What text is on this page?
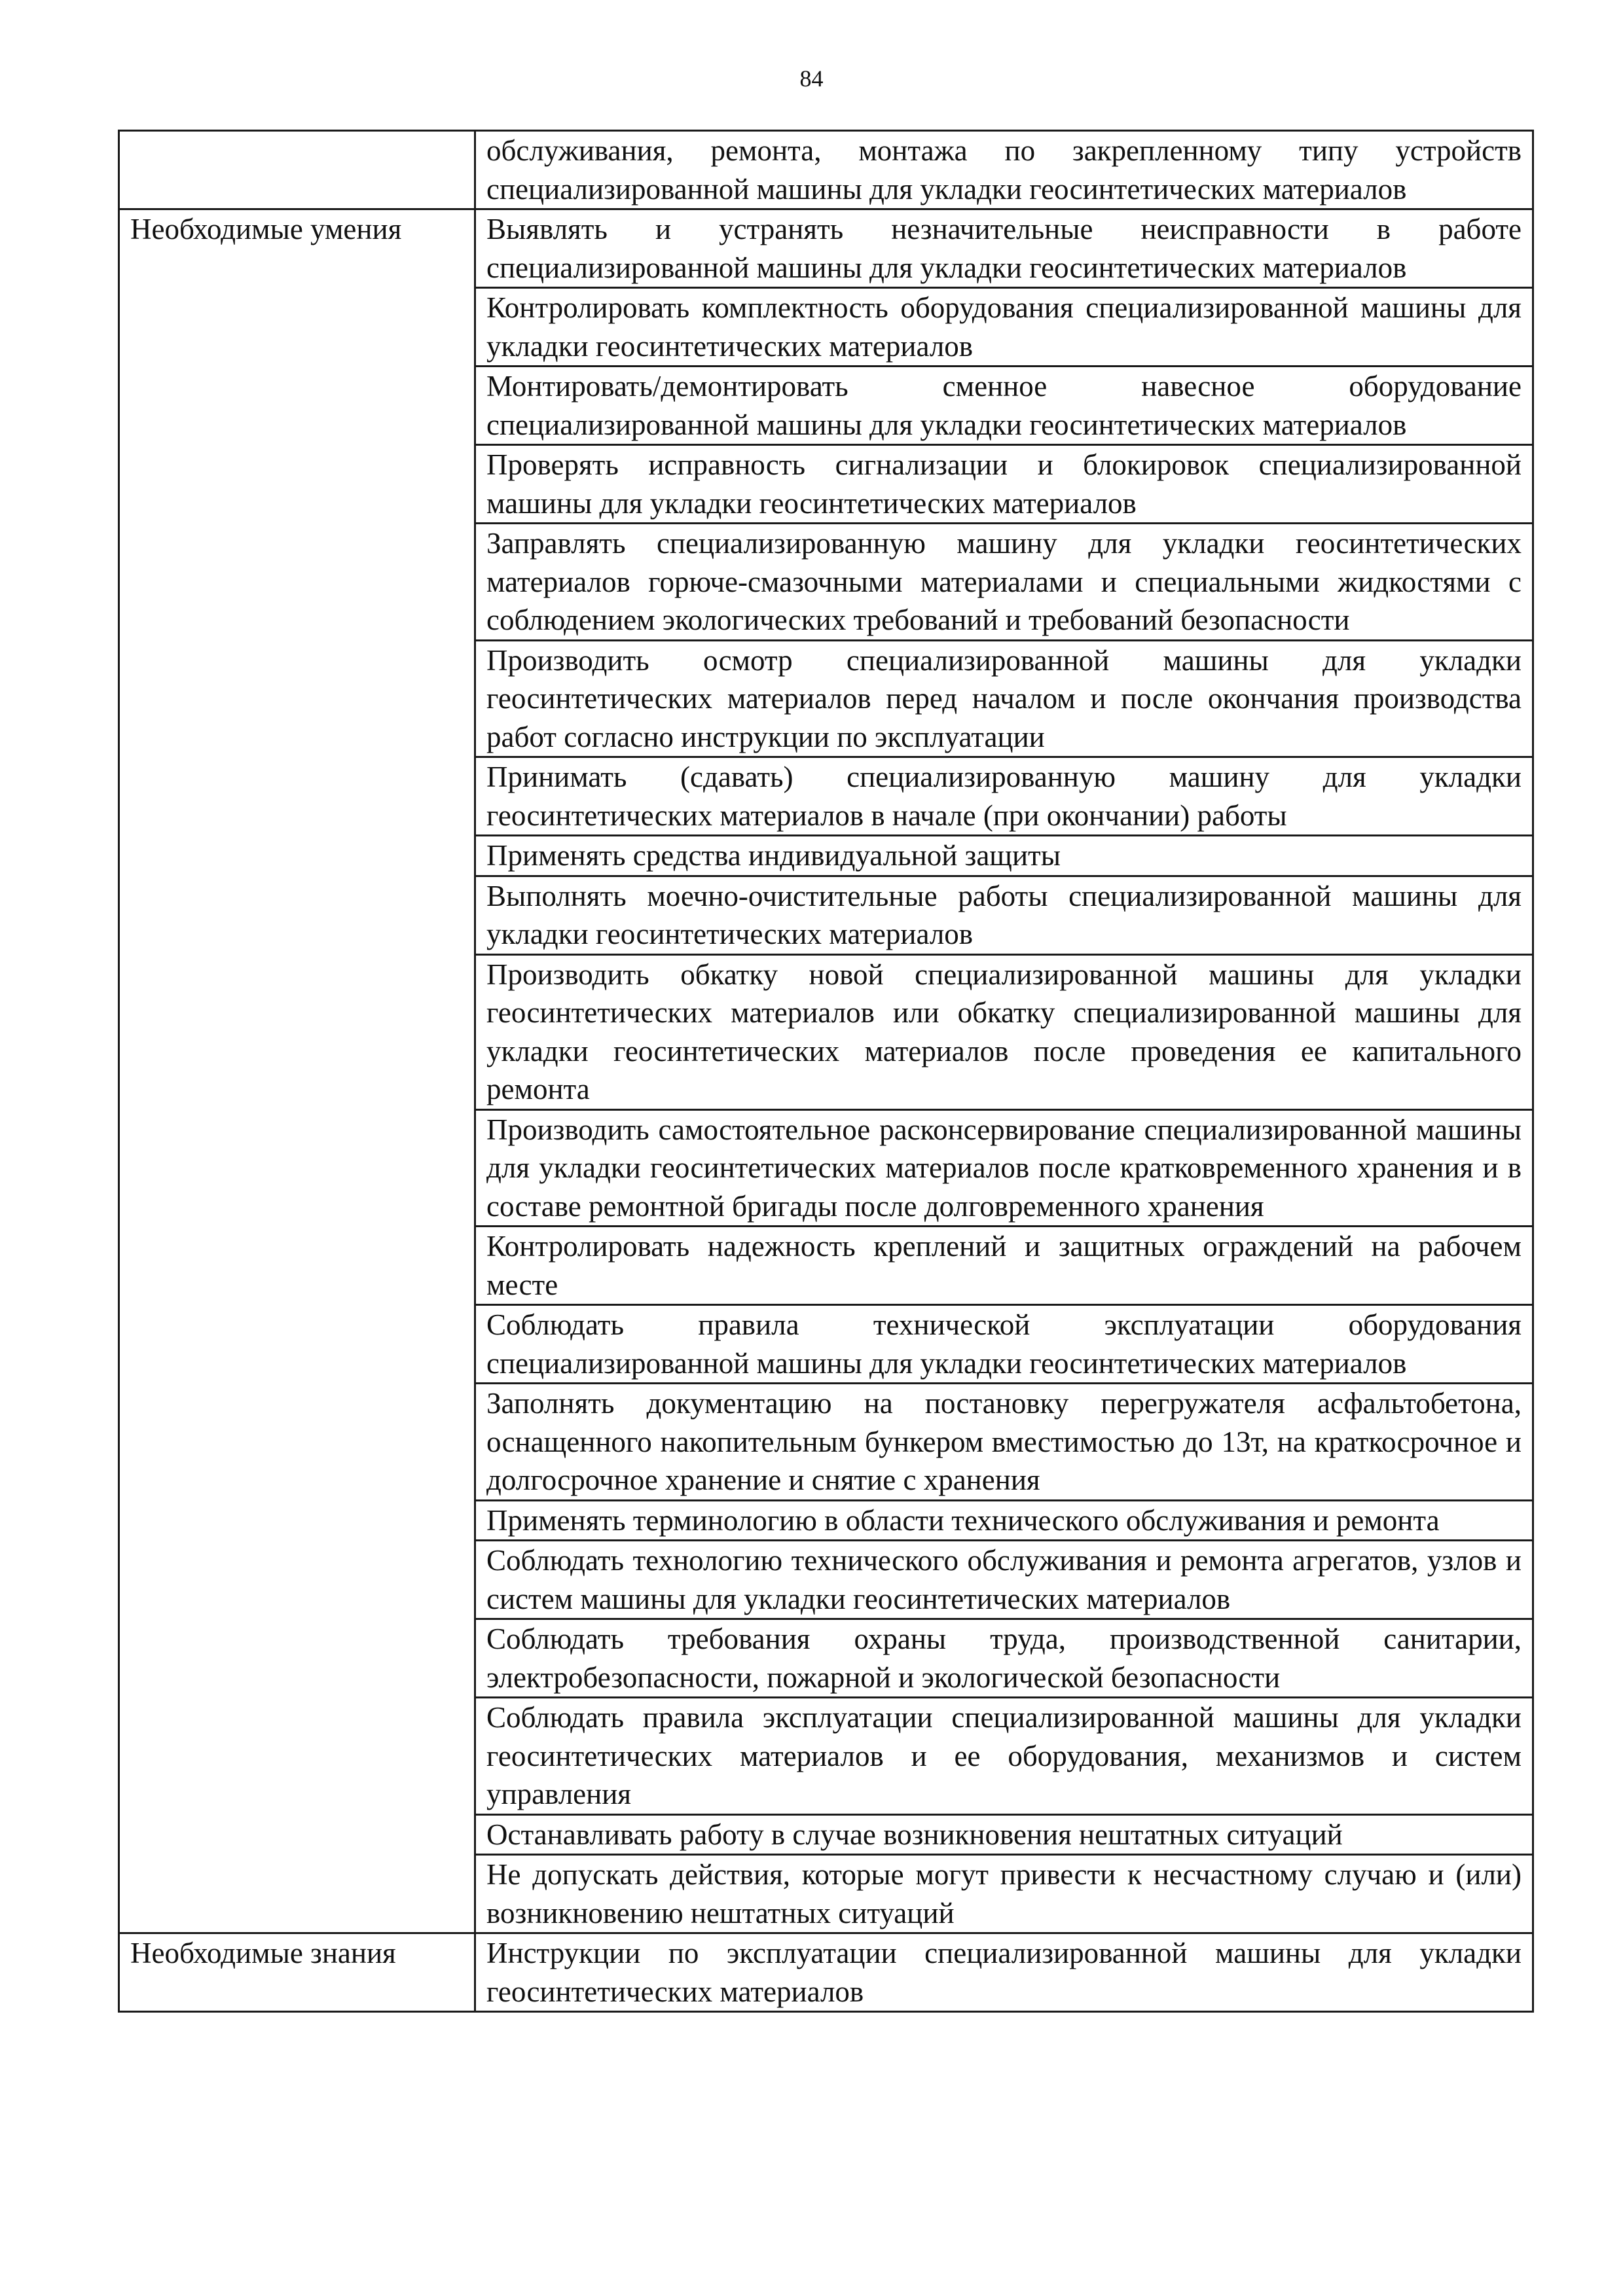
84
	обслуживания, ремонта, монтажа по закрепленному типу устройств специализированной машины для укладки геосинтетических материалов
Необходимые умения	Выявлять и устранять незначительные неисправности в работе специализированной машины для укладки геосинтетических материалов
	Контролировать комплектность оборудования специализированной машины для укладки геосинтетических материалов
	Монтировать/демонтировать сменное навесное оборудование специализированной машины для укладки геосинтетических материалов
	Проверять исправность сигнализации и блокировок специализированной машины для укладки геосинтетических материалов
	Заправлять специализированную машину для укладки геосинтетических материалов горюче-смазочными материалами и специальными жидкостями с соблюдением экологических требований и требований безопасности
	Производить осмотр специализированной машины для укладки геосинтетических материалов перед началом и после окончания производства работ согласно инструкции по эксплуатации
	Принимать (сдавать) специализированную машину для укладки геосинтетических материалов в начале (при окончании) работы
	Применять средства индивидуальной защиты
	Выполнять моечно-очистительные работы специализированной машины для укладки геосинтетических материалов
	Производить обкатку новой специализированной машины для укладки геосинтетических материалов или обкатку специализированной машины для укладки геосинтетических материалов после проведения ее капитального ремонта
	Производить самостоятельное расконсервирование специализированной машины для укладки геосинтетических материалов после кратковременного хранения и в составе ремонтной бригады после долговременного хранения
	Контролировать надежность креплений и защитных ограждений на рабочем месте
	Соблюдать правила технической эксплуатации оборудования специализированной машины для укладки геосинтетических материалов
	Заполнять документацию на постановку перегружателя асфальтобетона, оснащенного накопительным бункером вместимостью до 13т, на краткосрочное и долгосрочное хранение и снятие с хранения
	Применять терминологию в области технического обслуживания и ремонта
	Соблюдать технологию технического обслуживания и ремонта агрегатов, узлов и систем машины для укладки геосинтетических материалов
	Соблюдать требования охраны труда, производственной санитарии, электробезопасности, пожарной и экологической безопасности
	Соблюдать правила эксплуатации специализированной машины для укладки геосинтетических материалов и ее оборудования, механизмов и систем управления
	Останавливать работу в случае возникновения нештатных ситуаций
	Не допускать действия, которые могут привести к несчастному случаю и (или) возникновению нештатных ситуаций
Необходимые знания	Инструкции по эксплуатации специализированной машины для укладки геосинтетических материалов
